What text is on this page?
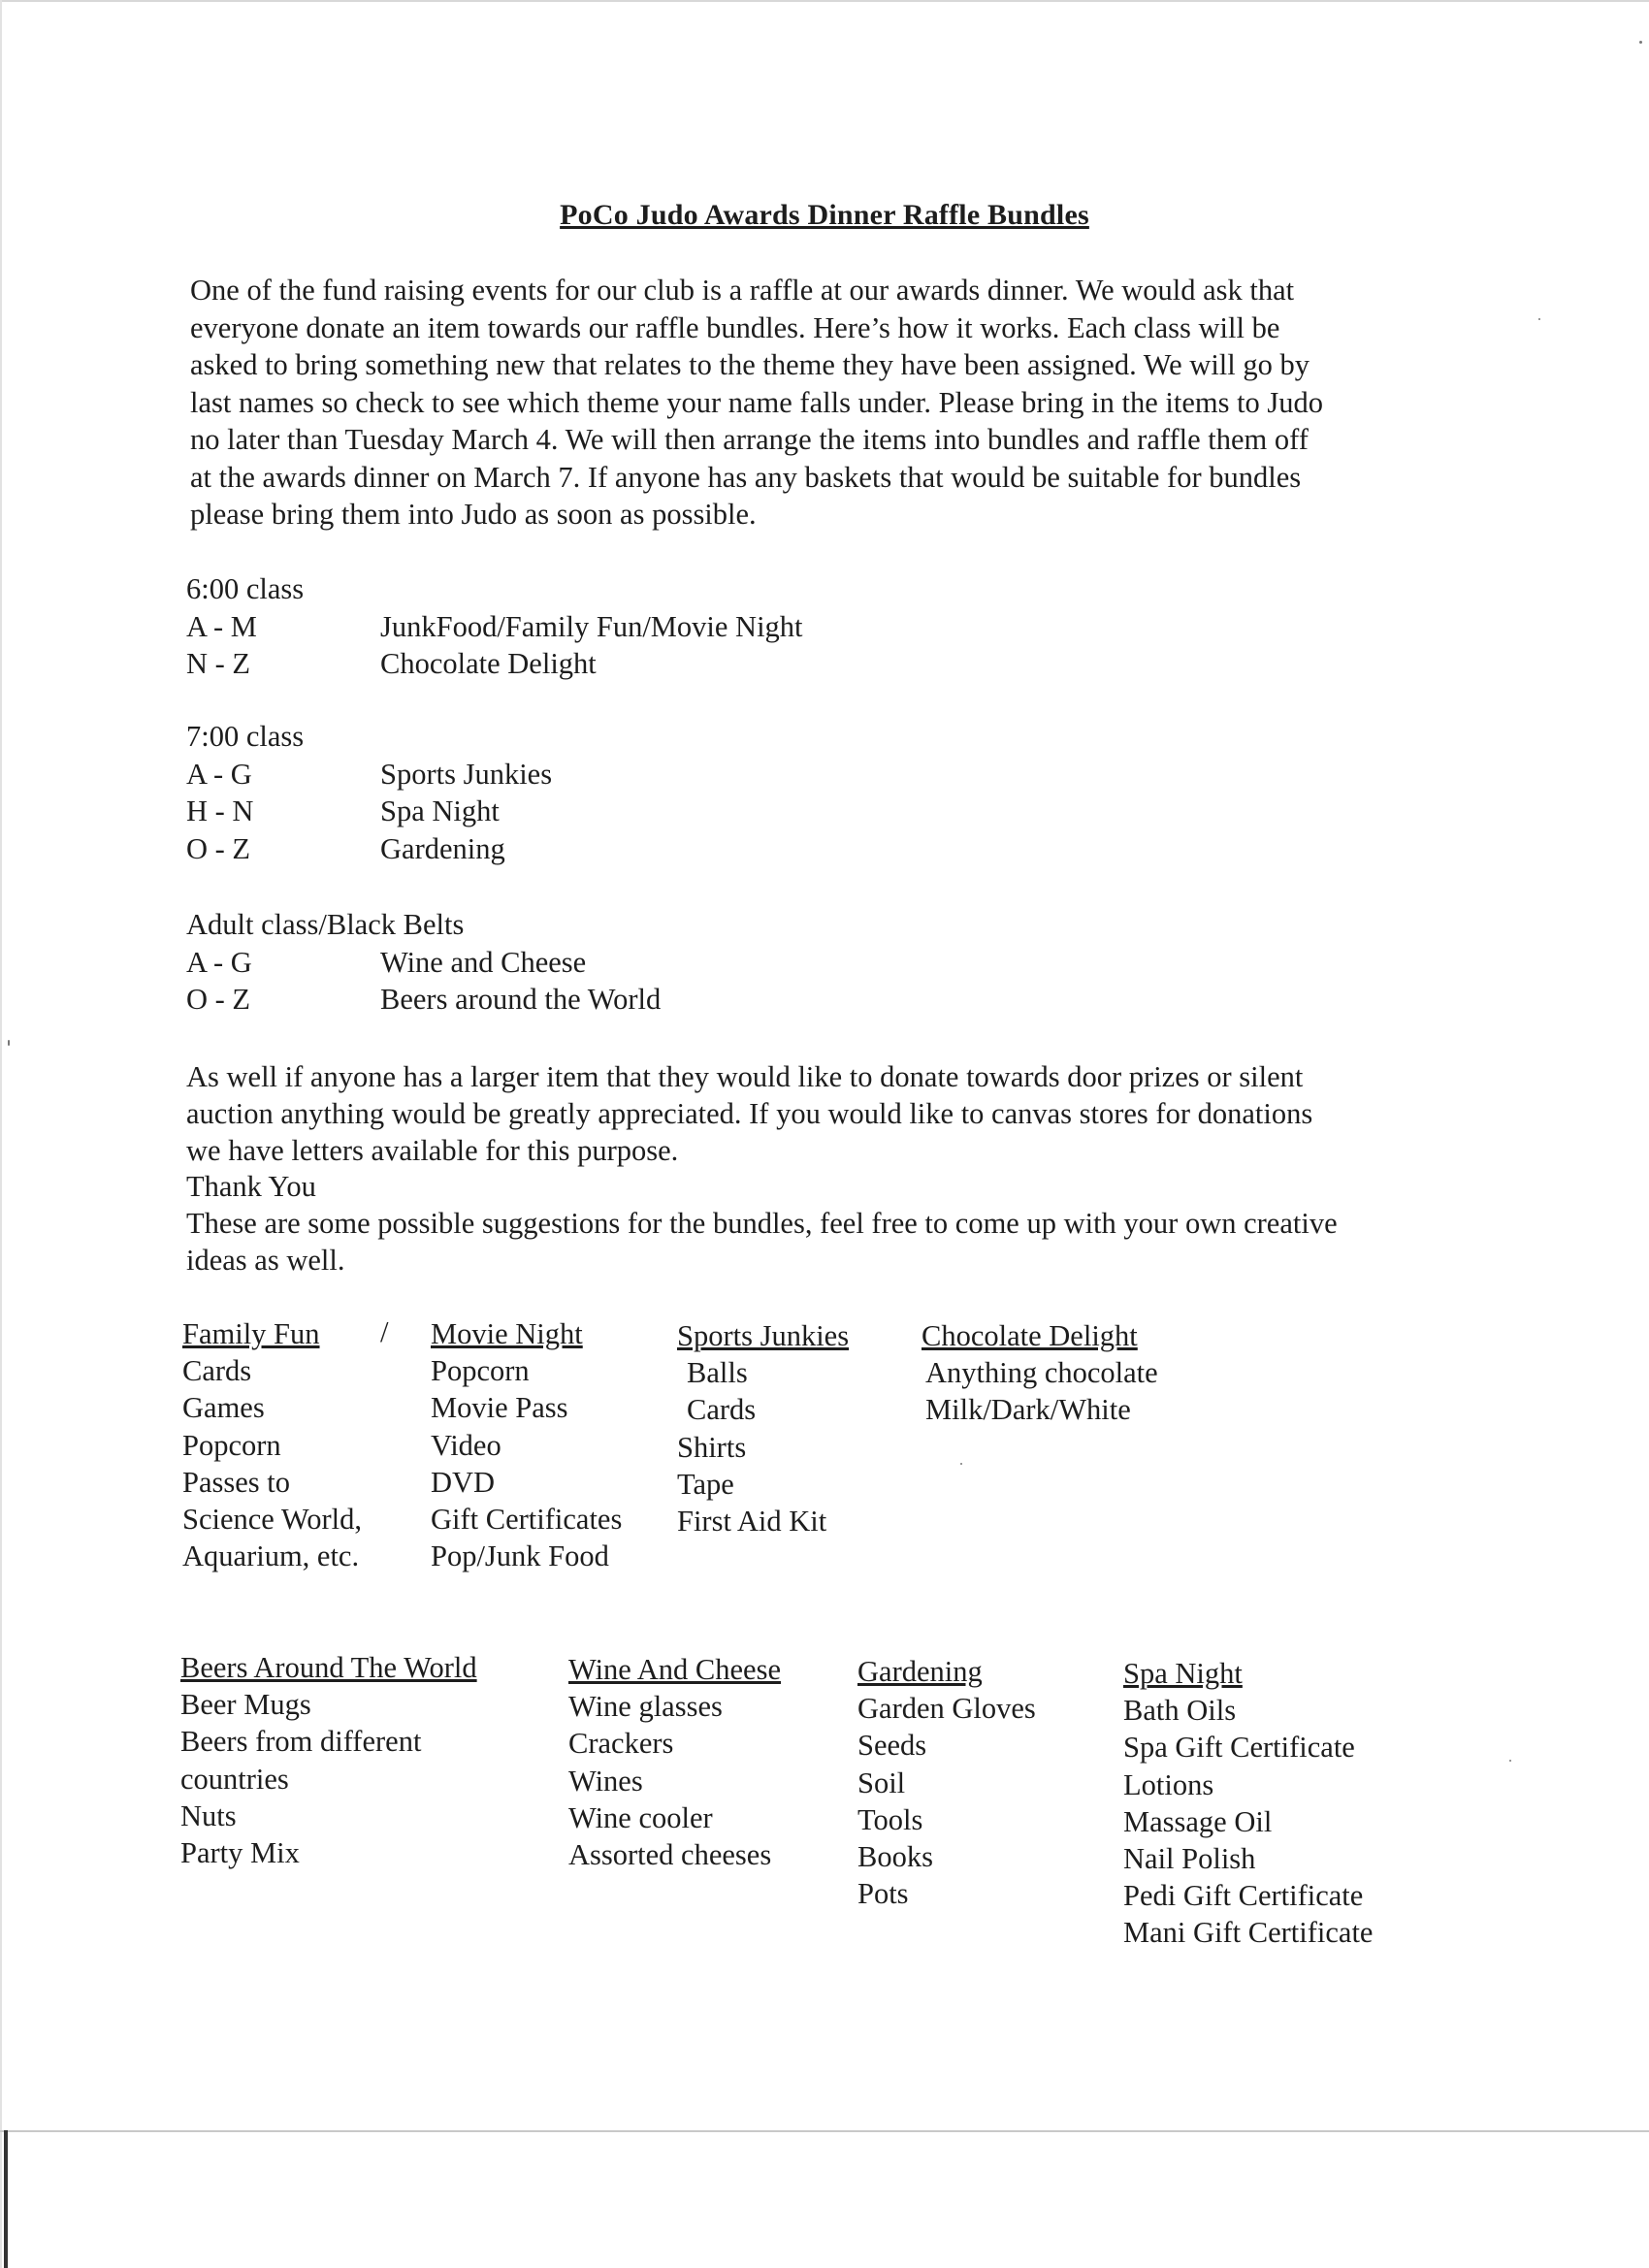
PoCo Judo Awards Dinner Raffle Bundles

One of the fund raising events for our club is a raffle at our awards dinner. We would ask that
everyone donate an item towards our raffle bundles. Here’s how it works. Each class will be
asked to bring something new that relates to the theme they have been assigned. We will go by
last names so check to see which theme your name falls under. Please bring in the items to Judo
no later than Tuesday March 4. We will then arrange the items into bundles and raffle them off
at the awards dinner on March 7. If anyone has any baskets that would be suitable for bundles
please bring them into Judo as soon as possible.

6:00 class
A - M	JunkFood/Family Fun/Movie Night
N - Z	Chocolate Delight
7:00 class
A - G	Sports Junkies
H - N	Spa Night
O - Z	Gardening
Adult class/Black Belts
A - G	Wine and Cheese
O - Z	Beers around the World

As well if anyone has a larger item that they would like to donate towards door prizes or silent
auction anything would be greatly appreciated. If you would like to canvas stores for donations
we have letters available for this purpose.
Thank You
These are some possible suggestions for the bundles, feel free to come up with your own creative
ideas as well.

Family Fun
Cards
Games
Popcorn
Passes to
Science World,
Aquarium, etc.
/ Movie Night
Popcorn
Movie Pass
Video
DVD
Gift Certificates
Pop/Junk Food
Sports Junkies
Balls
Cards
Shirts
Tape
First Aid Kit
Chocolate Delight
Anything chocolate
Milk/Dark/White
Beers Around The World
Beer Mugs
Beers from different
countries
Nuts
Party Mix
Wine And Cheese
Wine glasses
Crackers
Wines
Wine cooler
Assorted cheeses
Gardening
Garden Gloves
Seeds
Soil
Tools
Books
Pots
Spa Night
Bath Oils
Spa Gift Certificate
Lotions
Massage Oil
Nail Polish
Pedi Gift Certificate
Mani Gift Certificate
